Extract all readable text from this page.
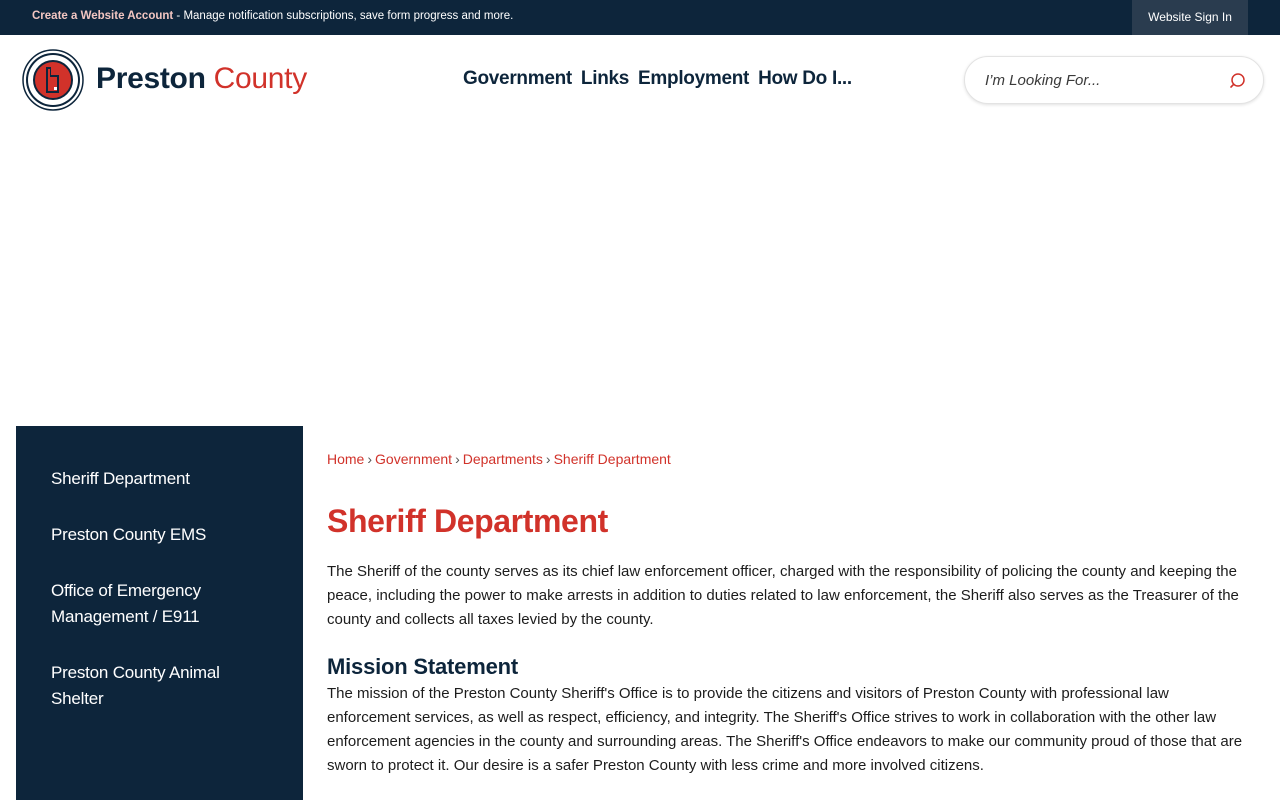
Create a Website Account - Manage notification subscriptions, save form progress and more.	Website Sign In
Preston County	Government Links Employment How Do I...
I’m Looking For...
Sheriff Department
Preston County EMS
Office of Emergency Management / E911
Preston County Animal Shelter
Home › Government › Departments › Sheriff Department
Sheriff Department

The Sheriff of the county serves as its chief law enforcement officer, charged with the responsibility of policing the county and keeping the peace, including the power to make arrests in addition to duties related to law enforcement, the Sheriff also serves as the Treasurer of the county and collects all taxes levied by the county.

Mission Statement

The mission of the Preston County Sheriff's Office is to provide the citizens and visitors of Preston County with professional law enforcement services, as well as respect, efficiency, and integrity. The Sheriff's Office strives to work in collaboration with the other law enforcement agencies in the county and surrounding areas. The Sheriff's Office endeavors to make our community proud of those that are sworn to protect it. Our desire is a safer Preston County with less crime and more involved citizens.
